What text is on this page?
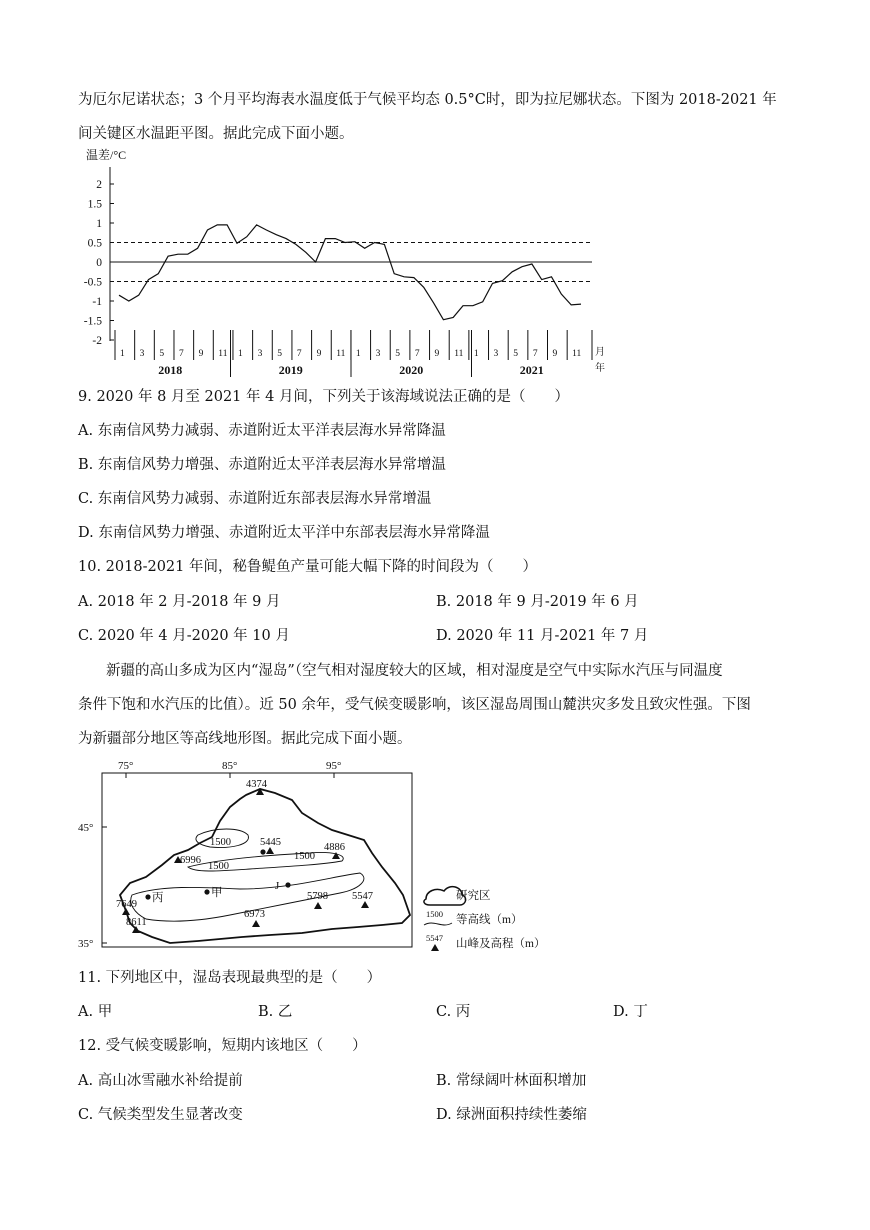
为厄尔尼诺状态；3 个月平均海表水温度低于气候平均态 0.5°C时，即为拉尼娜状态。下图为 2018-2021 年
间关键区水温距平图。据此完成下面小题。
温差/°C
2
1.5
1
0.5
0
-0.5
-1
-1.5
-2
1 3 5 7 9 11 1 3 5 7 9 11 1 3 5 7 9 11 1 3 5 7 9 11
2018	2019	2020	2021
月
年
9. 2020 年 8 月至 2021 年 4 月间，下列关于该海域说法正确的是（　　）
A. 东南信风势力减弱、赤道附近太平洋表层海水异常降温
B. 东南信风势力增强、赤道附近太平洋表层海水异常增温
C. 东南信风势力减弱、赤道附近东部表层海水异常增温
D. 东南信风势力增强、赤道附近太平洋中东部表层海水异常降温
10. 2018-2021 年间，秘鲁鳀鱼产量可能大幅下降的时间段为（　　）
A. 2018 年 2 月-2018 年 9 月	B. 2018 年 9 月-2019 年 6 月
C. 2020 年 4 月-2020 年 10 月	D. 2020 年 11 月-2021 年 7 月
新疆的高山多成为区内“湿岛”（空气相对湿度较大的区域，相对湿度是空气中实际水汽压与同温度
条件下饱和水汽压的比值）。近 50 余年，受气候变暖影响，该区湿岛周围山麓洪灾多发且致灾性强。下图
为新疆部分地区等高线地形图。据此完成下面小题。
75°	85°	95°
45°
35°
1500
1500
1500
4374
5445	4886
6996
5798 5547
7649
8611
6973
丙	甲
J
研究区
1500 等高线（m）
5547 山峰及高程（m）
11. 下列地区中，湿岛表现最典型的是（　　）
A. 甲	B. 乙	C. 丙	D. 丁
12. 受气候变暖影响，短期内该地区（　　）
A. 高山冰雪融水补给提前	B. 常绿阔叶林面积增加
C. 气候类型发生显著改变	D. 绿洲面积持续性萎缩
